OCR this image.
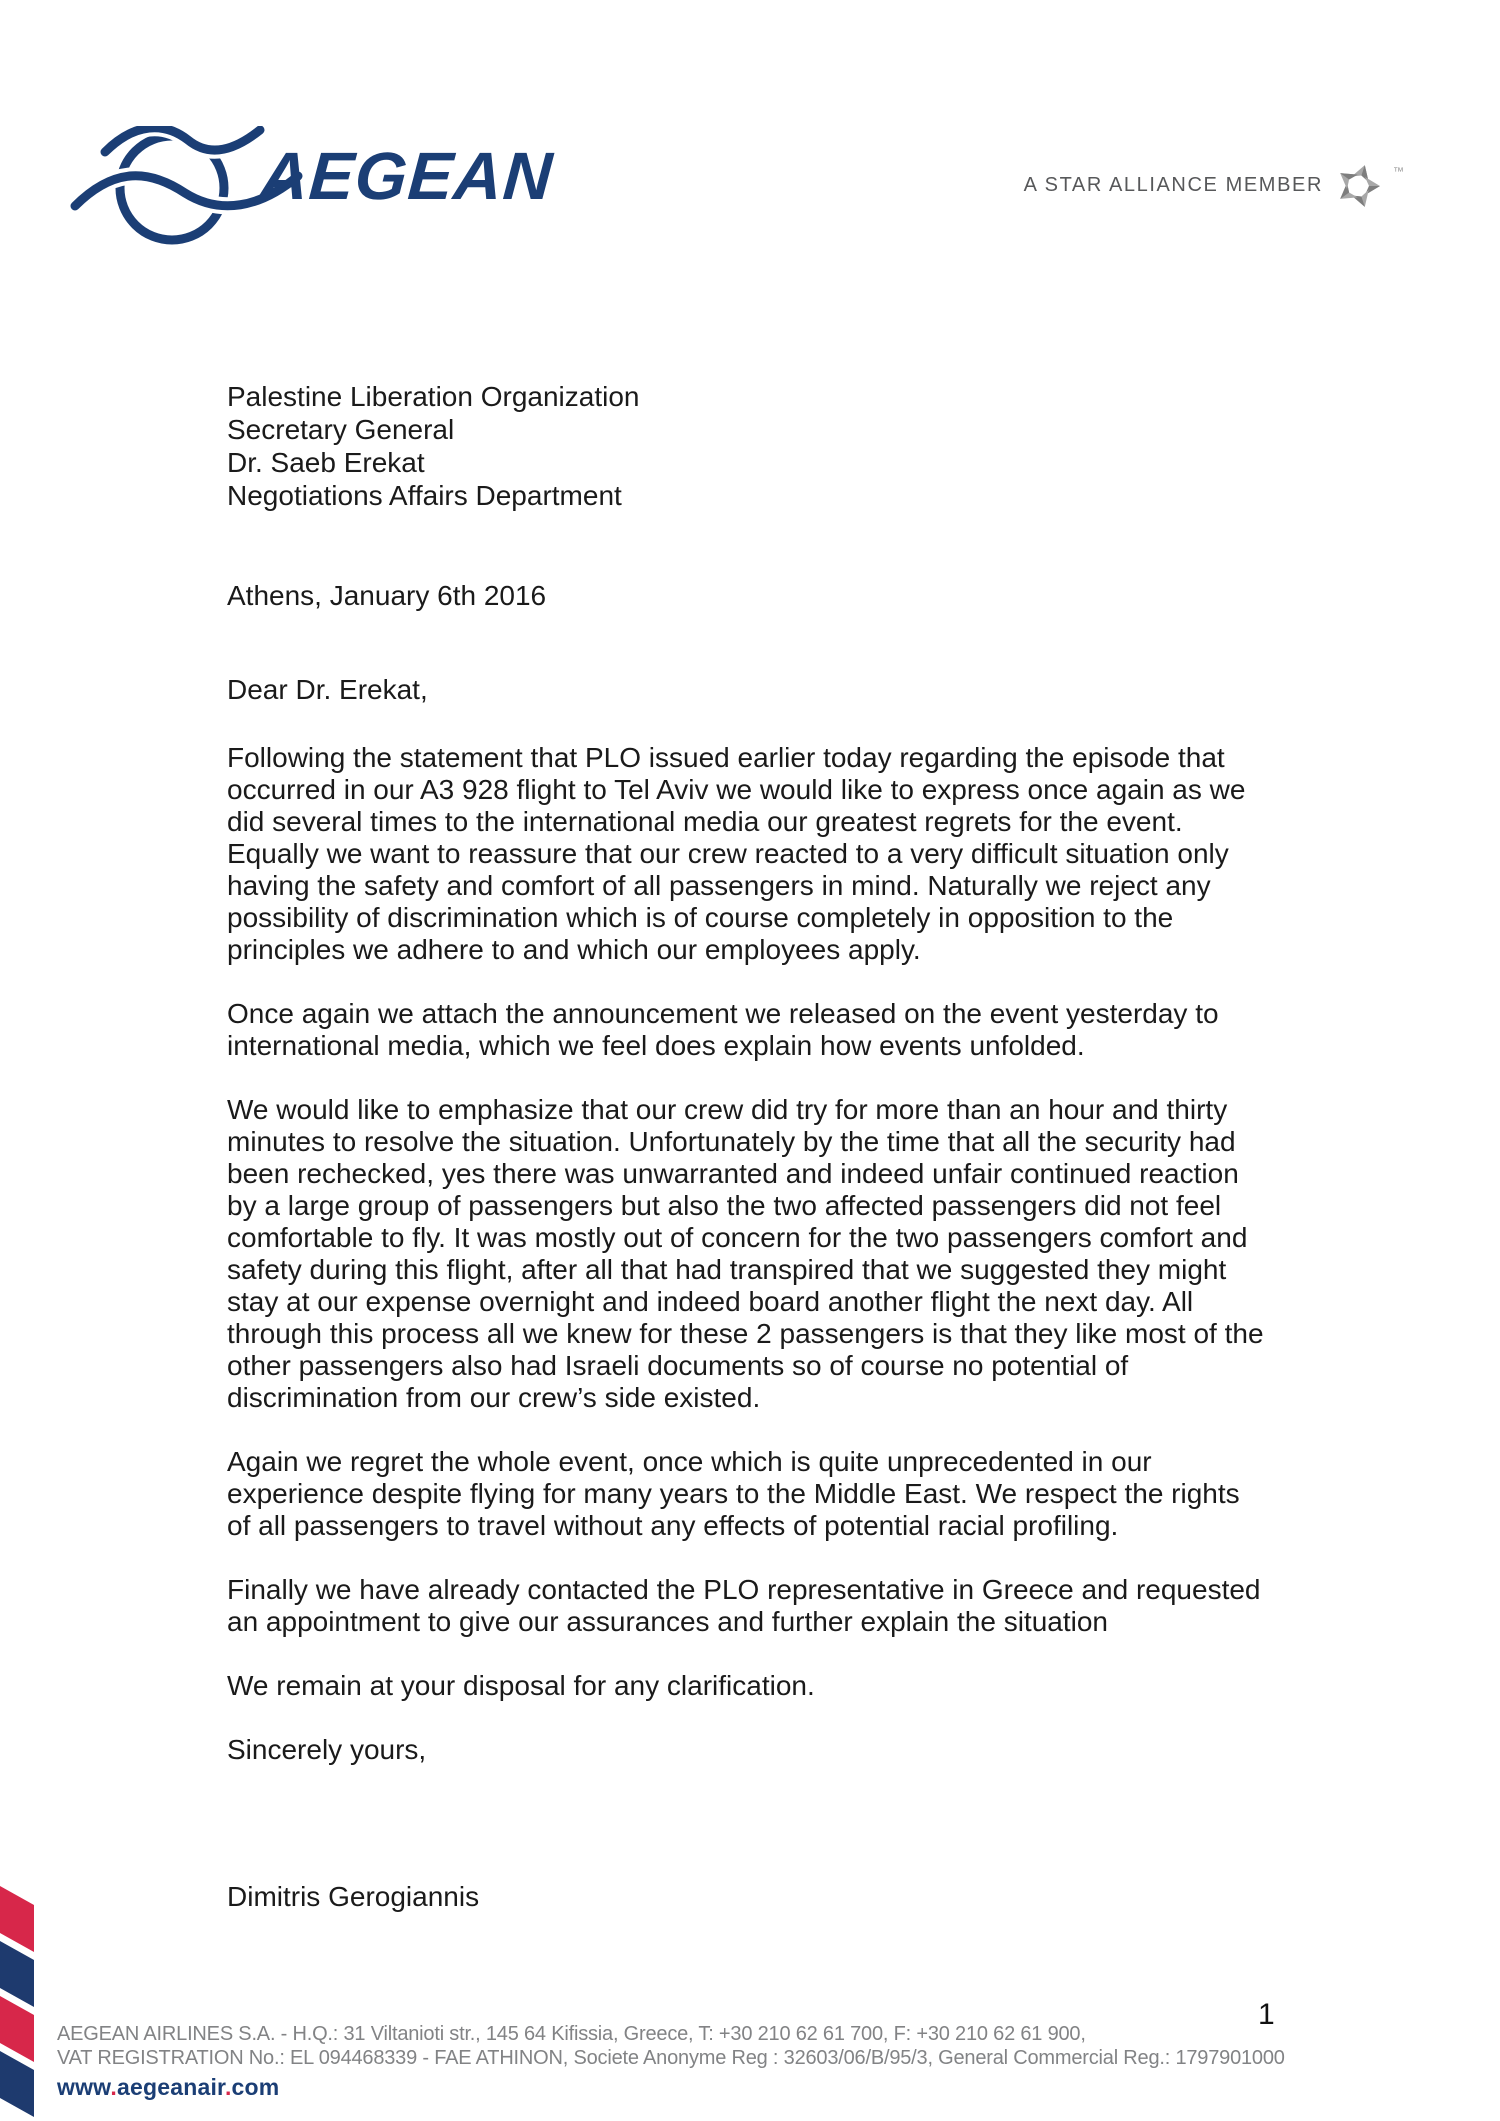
AEGEAN	A STAR ALLIANCE MEMBER
™
Palestine Liberation Organization
Secretary General
Dr. Saeb Erekat
Negotiations Affairs Department
Athens, January 6th 2016
Dear Dr. Erekat,

Following the statement that PLO issued earlier today regarding the episode that occurred in our A3 928 flight to Tel Aviv we would like to express once again as we did several times to the international media our greatest regrets for the event. Equally we want to reassure that our crew reacted to a very difficult situation only having the safety and comfort of all passengers in mind. Naturally we reject any possibility of discrimination which is of course completely in opposition to the principles we adhere to and which our employees apply.

Once again we attach the announcement we released on the event yesterday to international media, which we feel does explain how events unfolded.

We would like to emphasize that our crew did try for more than an hour and thirty minutes to resolve the situation. Unfortunately by the time that all the security had been rechecked, yes there was unwarranted and indeed unfair continued reaction by a large group of passengers but also the two affected passengers did not feel comfortable to fly. It was mostly out of concern for the two passengers comfort and safety during this flight, after all that had transpired that we suggested they might stay at our expense overnight and indeed board another flight the next day. All through this process all we knew for these 2 passengers is that they like most of the other passengers also had Israeli documents so of course no potential of discrimination from our crew’s side existed.

Again we regret the whole event, once which is quite unprecedented in our experience despite flying for many years to the Middle East. We respect the rights of all passengers to travel without any effects of potential racial profiling.

Finally we have already contacted the PLO representative in Greece and requested an appointment to give our assurances and further explain the situation

We remain at your disposal for any clarification.

Sincerely yours,

Dimitris Gerogiannis
1
AEGEAN AIRLINES S.A. - H.Q.: 31 Viltanioti str., 145 64 Kifissia, Greece, T: +30 210 62 61 700, F: +30 210 62 61 900,
VAT REGISTRATION No.: EL 094468339 - FAE ATHINON, Societe Anonyme Reg : 32603/06/B/95/3, General Commercial Reg.: 1797901000
www.aegeanair.com
